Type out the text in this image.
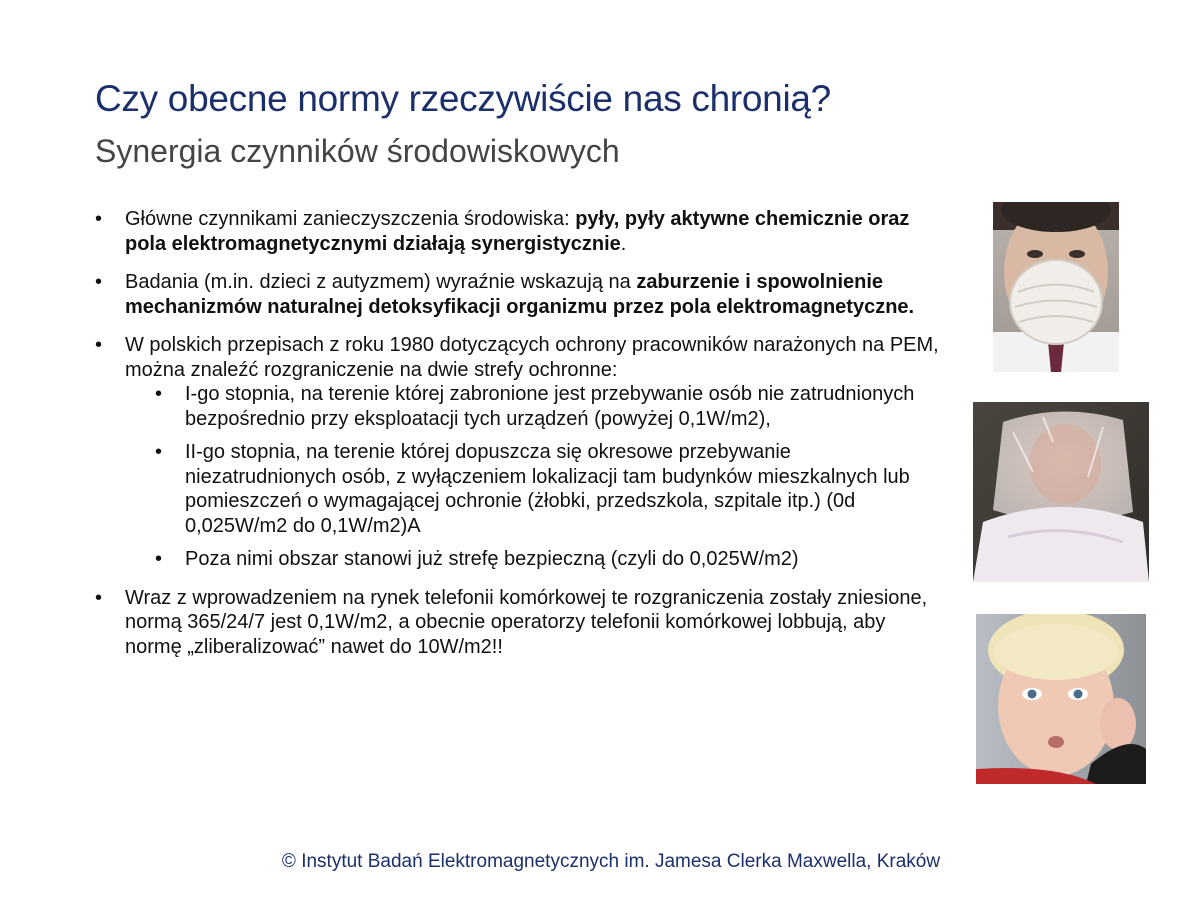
Czy obecne normy rzeczywiście nas chronią?
Synergia czynników środowiskowych
• Główne czynnikami zanieczyszczenia środowiska: pyły, pyły aktywne chemicznie oraz pola elektromagnetycznymi działają synergistycznie.
• Badania (m.in. dzieci z autyzmem) wyraźnie wskazują na zaburzenie i spowolnienie mechanizmów naturalnej detoksyfikacji organizmu przez pola elektromagnetyczne.
• W polskich przepisach z roku 1980 dotyczących ochrony pracowników narażonych na PEM, można znaleźć rozgraniczenie na dwie strefy ochronne:
• I-go stopnia, na terenie której zabronione jest przebywanie osób nie zatrudnionych bezpośrednio przy eksploatacji tych urządzeń (powyżej 0,1W/m2),
• II-go stopnia, na terenie której dopuszcza się okresowe przebywanie niezatrudnionych osób, z wyłączeniem lokalizacji tam budynków mieszkalnych lub pomieszczeń o wymagającej ochronie (żłobki, przedszkola, szpitale itp.) (0d 0,025W/m2 do 0,1W/m2)A
• Poza nimi obszar stanowi już strefę bezpieczną (czyli do 0,025W/m2)
• Wraz z wprowadzeniem na rynek telefonii komórkowej te rozgraniczenia zostały zniesione, normą 365/24/7 jest 0,1W/m2, a obecnie operatorzy telefonii komórkowej lobbują, aby normę „zliberalizować” nawet do 10W/m2!!
© Instytut Badań Elektromagnetycznych im. Jamesa Clerka Maxwella, Kraków
